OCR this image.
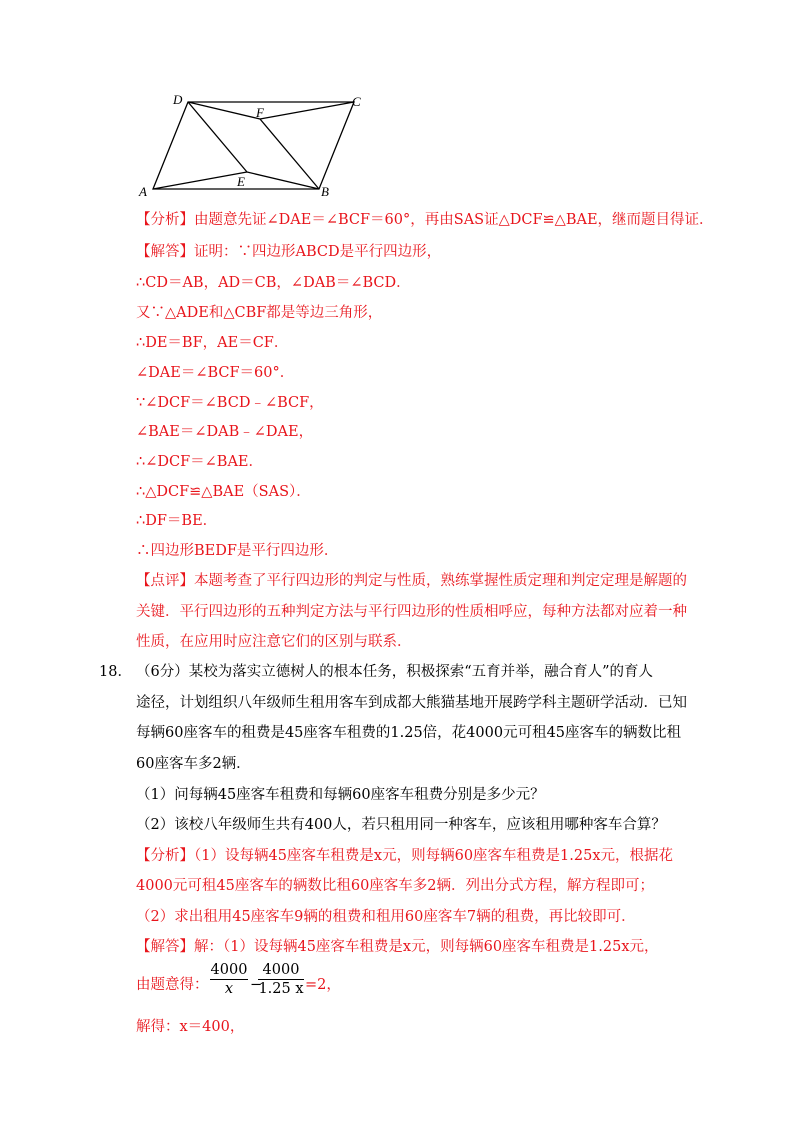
D	C
F
A	B
E
【分析】由题意先证∠DAE＝∠BCF＝60°，再由SAS证△DCF≌△BAE，继而题目得证．
【解答】证明：∵四边形ABCD是平行四边形，
∴CD＝AB，AD＝CB，∠DAB＝∠BCD．
又∵△ADE和△CBF都是等边三角形，
∴DE＝BF，AE＝CF．
∠DAE＝∠BCF＝60°．
∵∠DCF＝∠BCD﹣∠BCF，
∠BAE＝∠DAB﹣∠DAE，
∴∠DCF＝∠BAE．
∴△DCF≌△BAE（SAS）．
∴DF＝BE．
∴四边形BEDF是平行四边形．
【点评】本题考查了平行四边形的判定与性质，熟练掌握性质定理和判定定理是解题的
关键．平行四边形的五种判定方法与平行四边形的性质相呼应，每种方法都对应着一种
性质，在应用时应注意它们的区别与联系．
18． （6分）某校为落实立德树人的根本任务，积极探索“五育并举，融合育人”的育人
途径，计划组织八年级师生租用客车到成都大熊猫基地开展跨学科主题研学活动．已知
每辆60座客车的租费是45座客车租费的1.25倍，花4000元可租45座客车的辆数比租
60座客车多2辆．
（1）问每辆45座客车租费和每辆60座客车租费分别是多少元？
（2）该校八年级师生共有400人，若只租用同一种客车，应该租用哪种客车合算？
【分析】（1）设每辆45座客车租费是x元，则每辆60座客车租费是1.25x元，根据花
4000元可租45座客车的辆数比租60座客车多2辆．列出分式方程，解方程即可；
（2）求出租用45座客车9辆的租费和租用60座客车7辆的租费，再比较即可．
【解答】解：（1）设每辆45座客车租费是x元，则每辆60座客车租费是1.25x元，
由题意得：
4000
x	−
4000
1.25 x =2，
解得：x＝400，
